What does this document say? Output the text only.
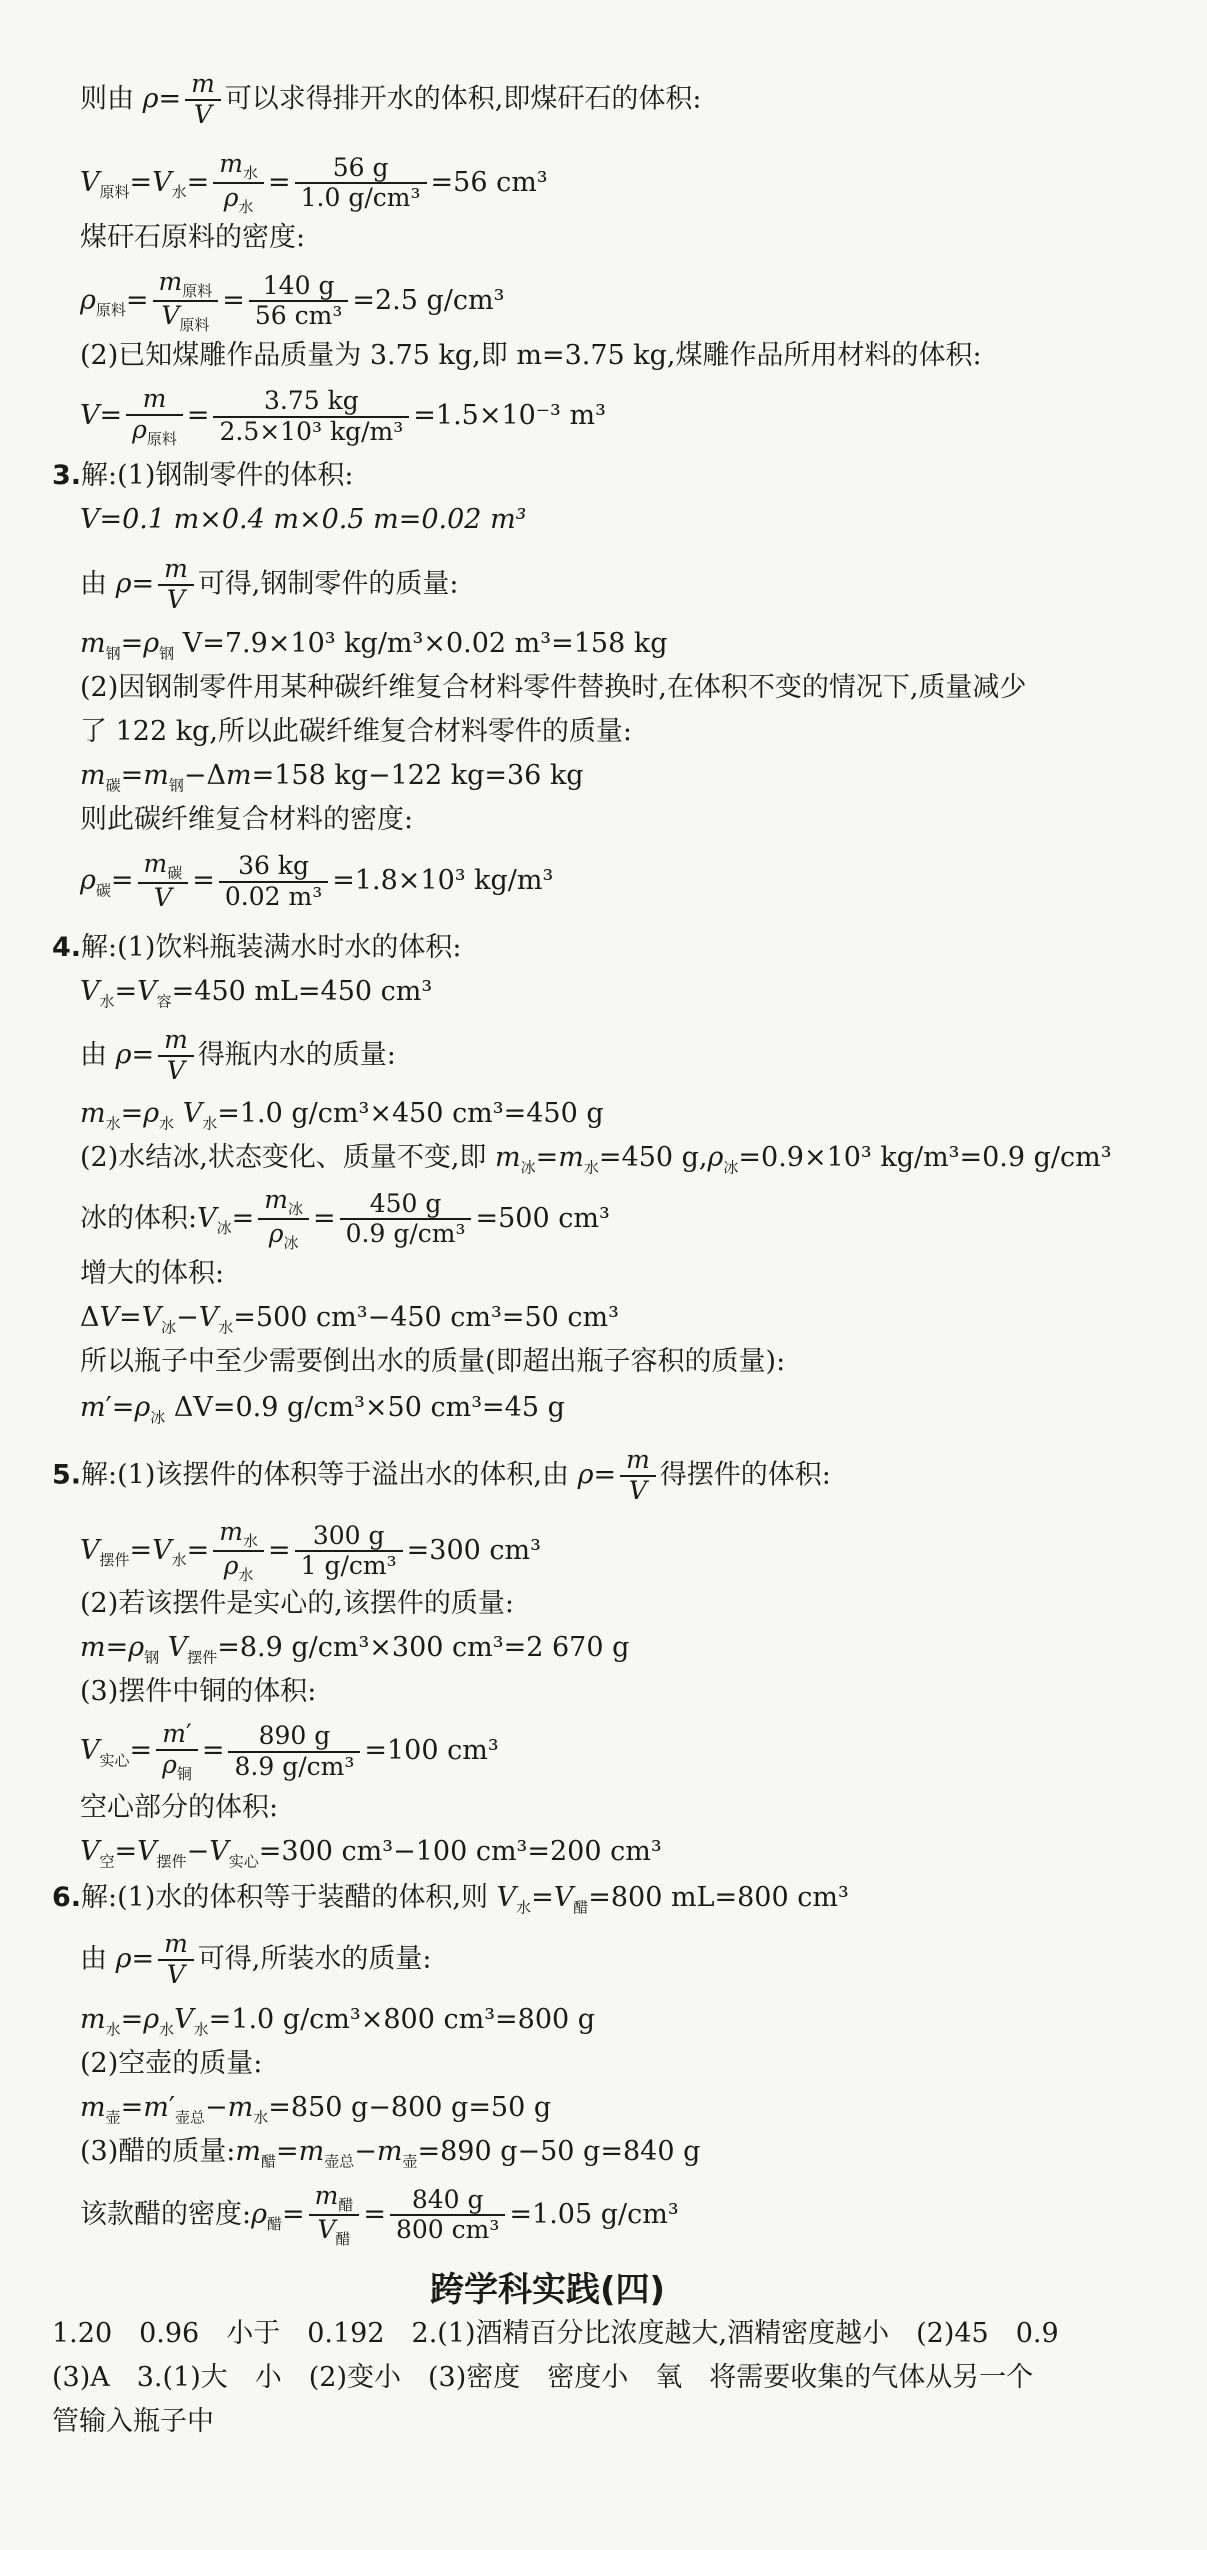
则由 $\rho= \frac{m}{V}$ 可以求得排开水的体积,即煤矸石的体积:
$V_{原料}=V_水= \frac{m_水}{\rho_水} = \frac{56 g}{\text{1.0 g/cm³}} =56$ cm³
煤矸石原料的密度:
$\rho_{原料}= \frac{m_{原料}}{V_{原料}} = \frac{140 g}{\text{56 cm³}} =2.5$ g/cm³
(2)已知煤雕作品质量为 3.75 kg,即 m=3.75 kg,煤雕作品所用材料的体积:
$V= \frac{m}{\rho_{原料}} = \frac{3.75 kg}{\text{2.5×10³ kg/m³}} =1.5\times 10^{-3}$ m³
3.解:(1)钢制零件的体积:
V=0.1 m×0.4 m×0.5 m=0.02 m³
由 $\rho= \frac{m}{V}$ 可得,钢制零件的质量:
$m_钢=\rho_钢$ V=7.9×10³ kg/m³×0.02 m³=158 kg
(2)因钢制零件用某种碳纤维复合材料零件替换时,在体积不变的情况下,质量减少
了 122 kg,所以此碳纤维复合材料零件的质量:
$m_碳=m_钢-\Delta m=158$ kg−122 kg=36 kg
则此碳纤维复合材料的密度:
$\rho_碳= \frac{m_碳}{V} = \frac{36 kg}{\text{0.02 m³}} =1.8\times 10^3$ kg/m³
4.解:(1)饮料瓶装满水时水的体积:
$V_水=V_容=450$ mL=450 cm³
由 $\rho= \frac{m}{V}$ 得瓶内水的质量:
$m_水=\rho_水$ $V_水=1.0$ g/cm³×450 cm³=450 g
(2)水结冰,状态变化、质量不变,即 $m_冰=m_水=450$ $g,\rho_冰=0.9\times 10^3$ kg/m³=0.9 g/cm³
冰的体积$:V_冰= \frac{m_冰}{\rho_冰} = \frac{450 g}{\text{0.9 g/cm³}} =500$ cm³
增大的体积:
$\Delta V=V_冰-V_水=500$ cm³−450 cm³=50 cm³
所以瓶子中至少需要倒出水的质量(即超出瓶子容积的质量):
$m'=\rho_冰$ ΔV=0.9 g/cm³×50 cm³=45 g
5.解:(1)该摆件的体积等于溢出水的体积,由 $\rho= \frac{m}{V}$ 得摆件的体积:
$V_{摆件}=V_水= \frac{m_水}{\rho_水} = \frac{300 g}{\text{1 g/cm³}} =300$ cm³
(2)若该摆件是实心的,该摆件的质量:
$m=\rho_钢$ $V_{摆件}=8.9$ g/cm³×300 cm³=2 670 g
(3)摆件中铜的体积:
$V_{实心}= \frac{m'}{\rho_铜} = \frac{890 g}{\text{8.9 g/cm³}} =100$ cm³
空心部分的体积:
$V_空=V_{摆件}-V_{实心}=300$ cm³−100 cm³=200 cm³
6.解:(1)水的体积等于装醋的体积,则 $V_水=V_醋=800$ mL=800 cm³
由 $\rho= \frac{m}{V}$ 可得,所装水的质量:
$m_水=\rho_水V_水=1.0$ g/cm³×800 cm³=800 g
(2)空壶的质量:
$m_壶=m'_{壶总}-m_水=850$ g−800 g=50 g
(3)醋的质量$:m_醋=m_{壶总}-m_壶=890$ g−50 g=840 g
该款醋的密度$:\rho_醋= \frac{m_醋}{V_醋} = \frac{840 g}{\text{800 cm³}} =1.05$ g/cm³
跨学科实践(四)
1.20　0.96　小于　0.192　2.(1)酒精百分比浓度越大,酒精密度越小　(2)45　0.9
(3)A　3.(1)大　小　(2)变小　(3)密度　密度小　氧　将需要收集的气体从另一个
管输入瓶子中
